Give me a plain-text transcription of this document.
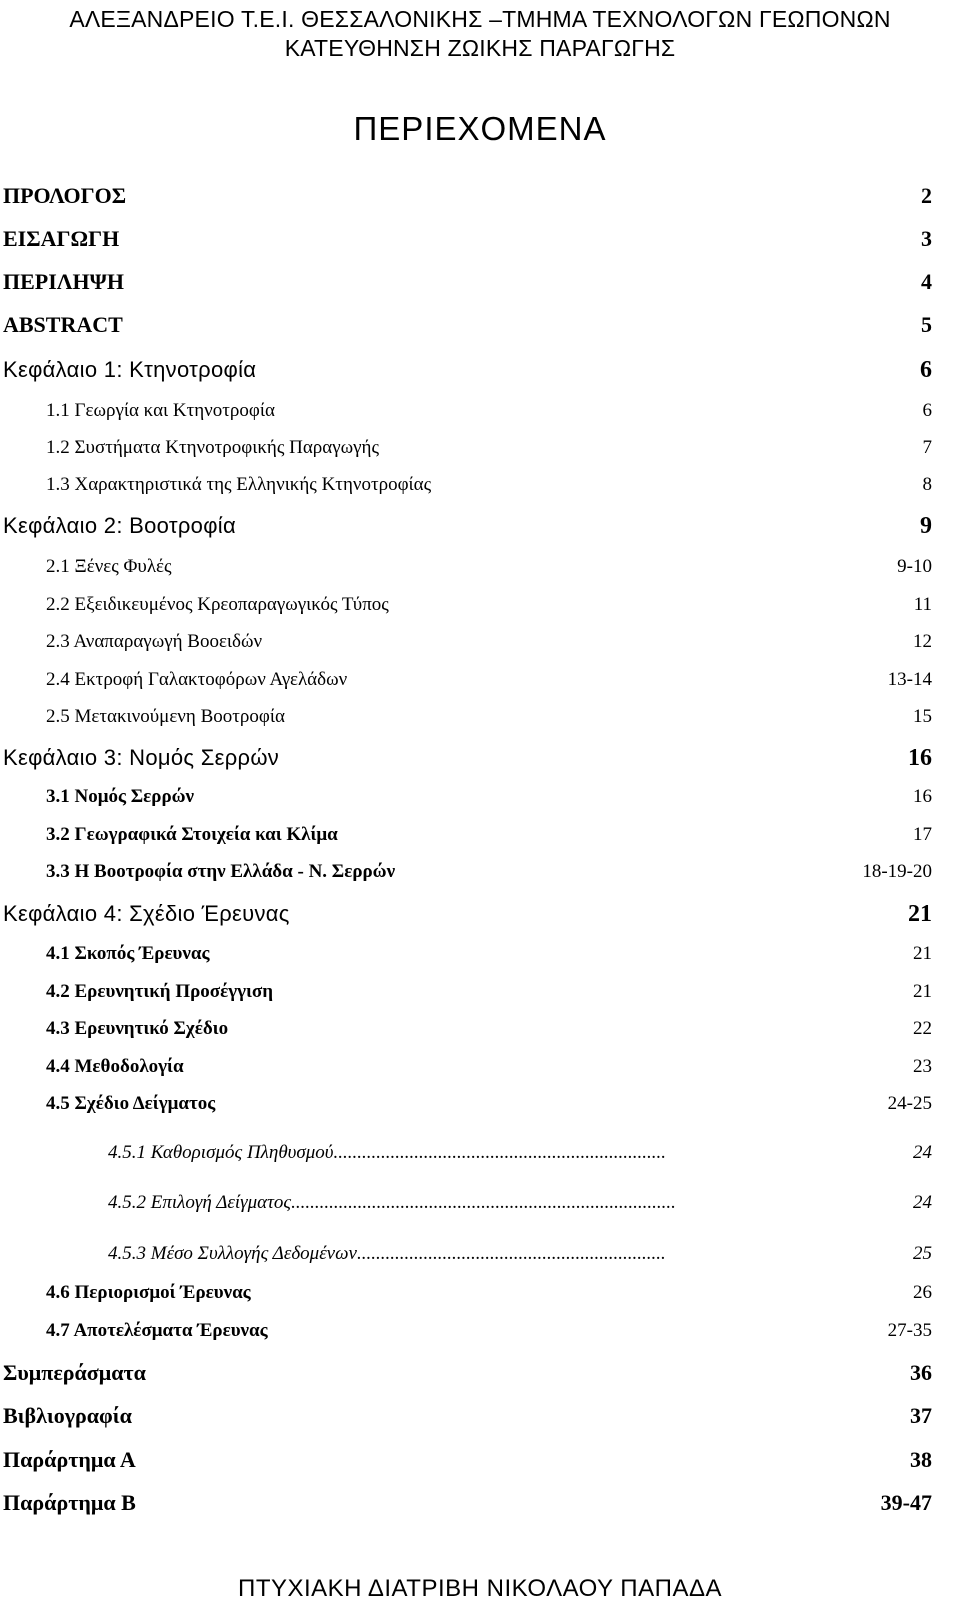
ΑΛΕΞΑΝΔΡΕΙΟ Τ.Ε.Ι. ΘΕΣΣΑΛΟΝΙΚΗΣ –ΤΜΗΜΑ ΤΕΧΝΟΛΟΓΩΝ ΓΕΩΠΟΝΩΝ
ΚΑΤΕΥΘΗΝΣΗ ΖΩΙΚΗΣ ΠΑΡΑΓΩΓΗΣ
ΠΕΡΙΕΧΟΜΕΝΑ
ΠΡΟΛΟΓΟΣ	2
ΕΙΣΑΓΩΓΗ	3
ΠΕΡΙΛΗΨΗ	4
ABSTRACT	5
Κεφάλαιο 1: Κτηνοτροφία	6
1.1 Γεωργία και Κτηνοτροφία	6
1.2 Συστήματα Κτηνοτροφικής Παραγωγής	7
1.3 Χαρακτηριστικά της Ελληνικής Κτηνοτροφίας	8
Κεφάλαιο 2: Βοοτροφία	9
2.1 Ξένες Φυλές	9-10
2.2 Εξειδικευμένος Κρεοπαραγωγικός Τύπος	11
2.3 Αναπαραγωγή Βοοειδών	12
2.4 Εκτροφή Γαλακτοφόρων Αγελάδων	13-14
2.5 Μετακινούμενη Βοοτροφία	15
Κεφάλαιο 3: Νομός Σερρών	16
3.1 Νομός Σερρών	16
3.2 Γεωγραφικά Στοιχεία και Κλίμα	17
3.3 Η Βοοτροφία στην Ελλάδα - Ν. Σερρών	18-19-20
Κεφάλαιο 4: Σχέδιο Έρευνας	21
4.1 Σκοπός Έρευνας	21
4.2 Ερευνητική Προσέγγιση	21
4.3 Ερευνητικό Σχέδιο	22
4.4 Μεθοδολογία	23
4.5 Σχέδιο Δείγματος	24-25
4.5.1 Καθορισμός Πληθυσμού......................................................................	24
4.5.2 Επιλογή Δείγματος.................................................................................	24
4.5.3 Μέσο Συλλογής Δεδομένων.................................................................	25
4.6 Περιορισμοί Έρευνας	26
4.7 Αποτελέσματα Έρευνας	27-35
Συμπεράσματα	36
Βιβλιογραφία	37
Παράρτημα Α	38
Παράρτημα Β	39-47
ΠΤΥΧΙΑΚΗ ΔΙΑΤΡΙΒΗ ΝΙΚΟΛΑΟΥ ΠΑΠΑΔΑ
